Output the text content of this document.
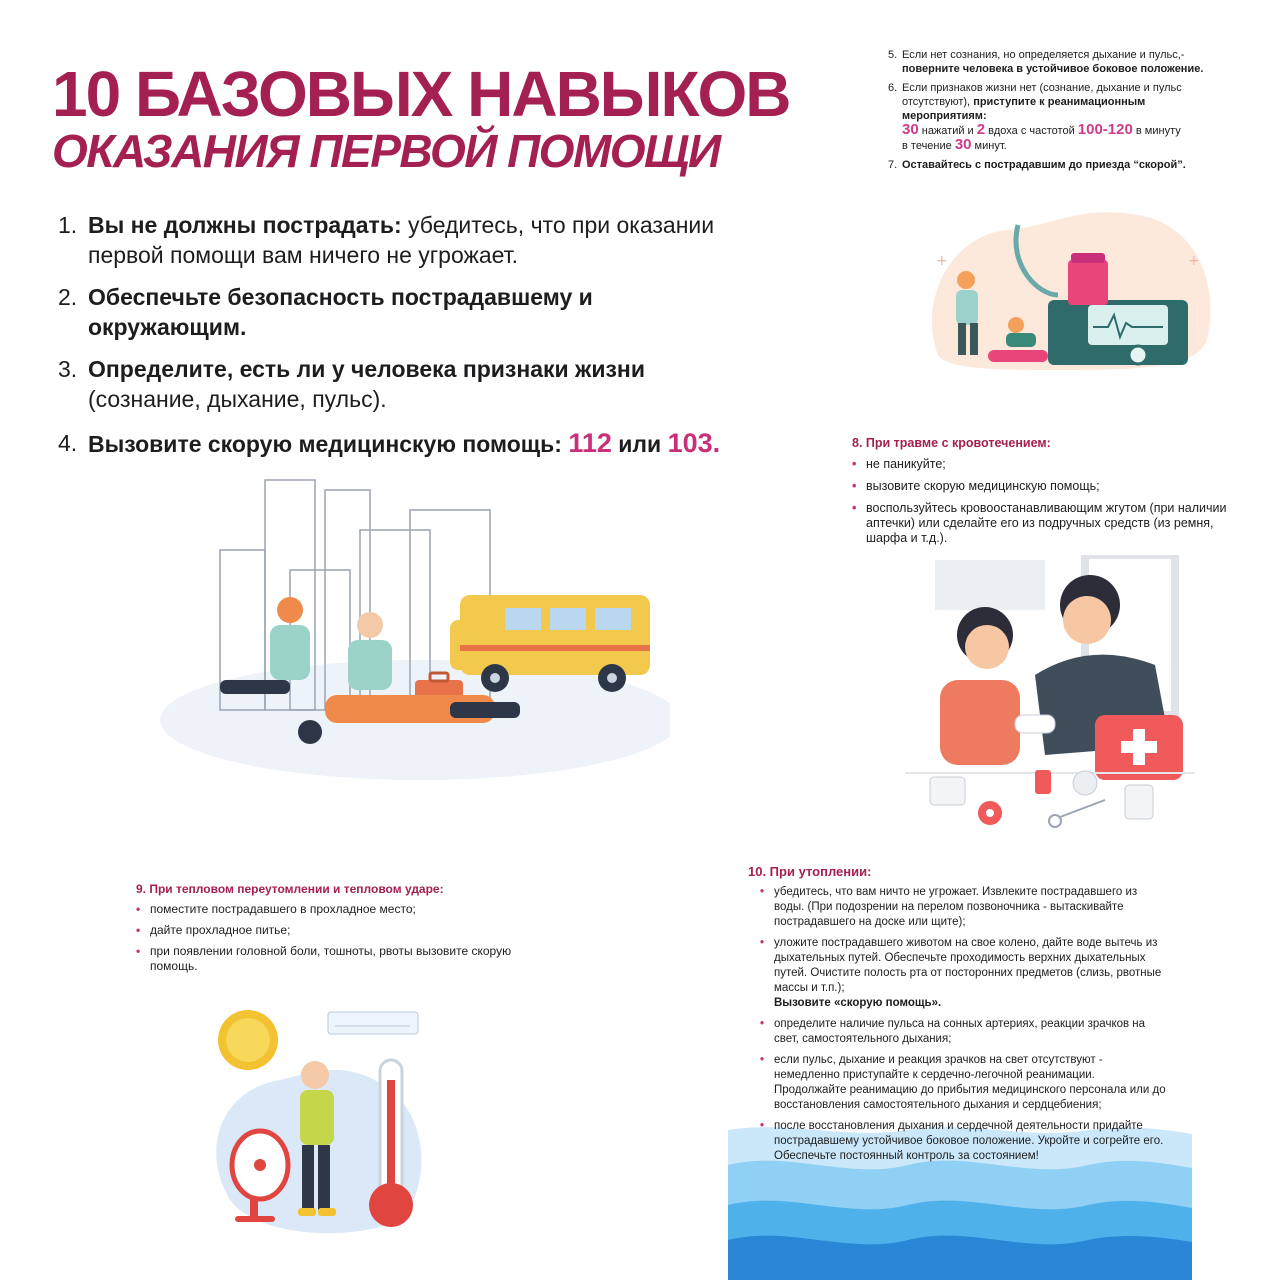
10 БАЗОВЫХ НАВЫКОВ
ОКАЗАНИЯ ПЕРВОЙ ПОМОЩИ
1. Вы не должны пострадать: убедитесь, что при оказании первой помощи вам ничего не угрожает.
2. Обеспечьте безопасность пострадавшему и окружающим.
3. Определите, есть ли у человека признаки жизни
(сознание, дыхание, пульс).
4. Вызовите скорую медицинскую помощь: 112 или 103.
5. Если нет сознания, но определяется дыхание и пульс,-
поверните человека в устойчивое боковое положение.
6. Если признаков жизни нет (сознание, дыхание и пульс отсутствуют), приступите к реанимационным мероприятиям:
30 нажатий и 2 вдоха с частотой 100-120 в минуту
в течение 30 минут.
7. Оставайтесь с пострадавшим до приезда “скорой”.
+	+
8. При травме с кровотечением:
• не паникуйте;
• вызовите скорую медицинскую помощь;
• воспользуйтесь кровоостанавливающим жгутом (при наличии аптечки) или сделайте его из подручных средств (из ремня, шарфа и т.д.).
9. При тепловом переутомлении и тепловом ударе:
• поместите пострадавшего в прохладное место;
• дайте прохладное питье;
• при появлении головной боли, тошноты, рвоты вызовите скорую помощь.
10. При утоплении:
• убедитесь, что вам ничто не угрожает. Извлеките пострадавшего из воды. (При подозрении на перелом позвоночника - вытаскивайте пострадавшего на доске или щите);
• уложите пострадавшего животом на свое колено, дайте воде вытечь из дыхательных путей. Обеспечьте проходимость верхних дыхательных путей. Очистите полость рта от посторонних предметов (слизь, рвотные массы и т.п.);
Вызовите «скорую помощь».
• определите наличие пульса на сонных артериях, реакции зрачков на свет, самостоятельного дыхания;
• если пульс, дыхание и реакция зрачков на свет отсутствуют - немедленно приступайте к сердечно-легочной реанимации. Продолжайте реанимацию до прибытия медицинского персонала или до восстановления самостоятельного дыхания и сердцебиения;
• после восстановления дыхания и сердечной деятельности придайте пострадавшему устойчивое боковое положение. Укройте и согрейте его. Обеспечьте постоянный контроль за состоянием!
